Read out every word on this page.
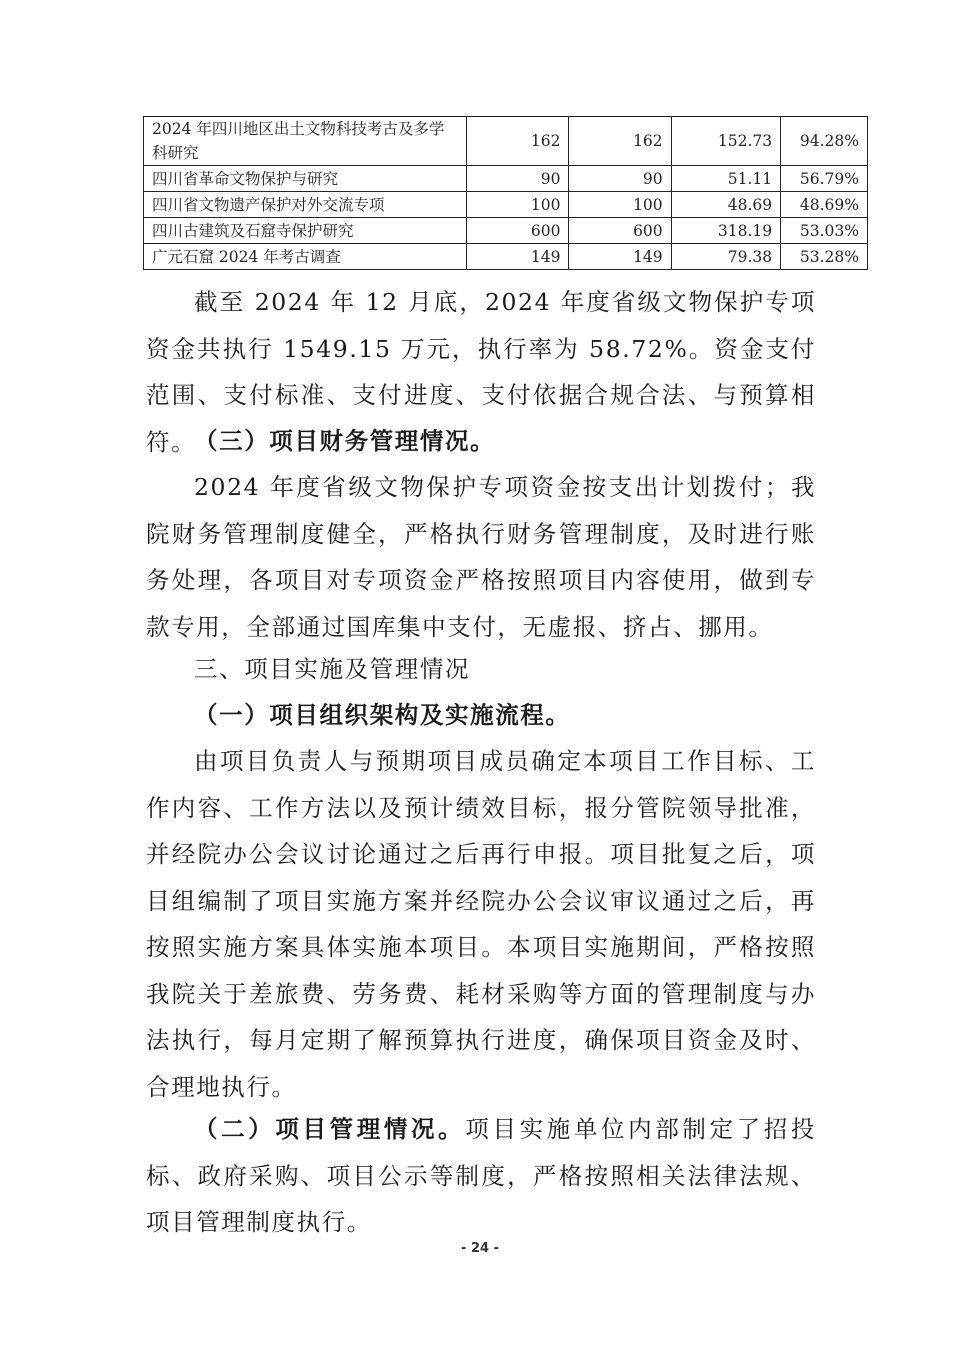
2024 年四川地区出土文物科技考古及多学科研究	162	162	152.73	94.28%
四川省革命文物保护与研究	90	90	51.11	56.79%
四川省文物遗产保护对外交流专项	100	100	48.69	48.69%
四川古建筑及石窟寺保护研究	600	600	318.19	53.03%
广元石窟 2024 年考古调查	149	149	79.38	53.28%
截至 2024 年 12 月底，2024 年度省级文物保护专项资金共执行 1549.15 万元，执行率为 58.72%。资金支付范围、支付标准、支付进度、支付依据合规合法、与预算相符。
（三）项目财务管理情况。
2024 年度省级文物保护专项资金按支出计划拨付；我院财务管理制度健全，严格执行财务管理制度，及时进行账务处理，各项目对专项资金严格按照项目内容使用，做到专款专用，全部通过国库集中支付，无虚报、挤占、挪用。
三、项目实施及管理情况
（一）项目组织架构及实施流程。
由项目负责人与预期项目成员确定本项目工作目标、工作内容、工作方法以及预计绩效目标，报分管院领导批准，并经院办公会议讨论通过之后再行申报。项目批复之后，项目组编制了项目实施方案并经院办公会议审议通过之后，再按照实施方案具体实施本项目。本项目实施期间，严格按照我院关于差旅费、劳务费、耗材采购等方面的管理制度与办法执行，每月定期了解预算执行进度，确保项目资金及时、合理地执行。
（二）项目管理情况。项目实施单位内部制定了招投标、政府采购、项目公示等制度，严格按照相关法律法规、项目管理制度执行。
- 24 -
